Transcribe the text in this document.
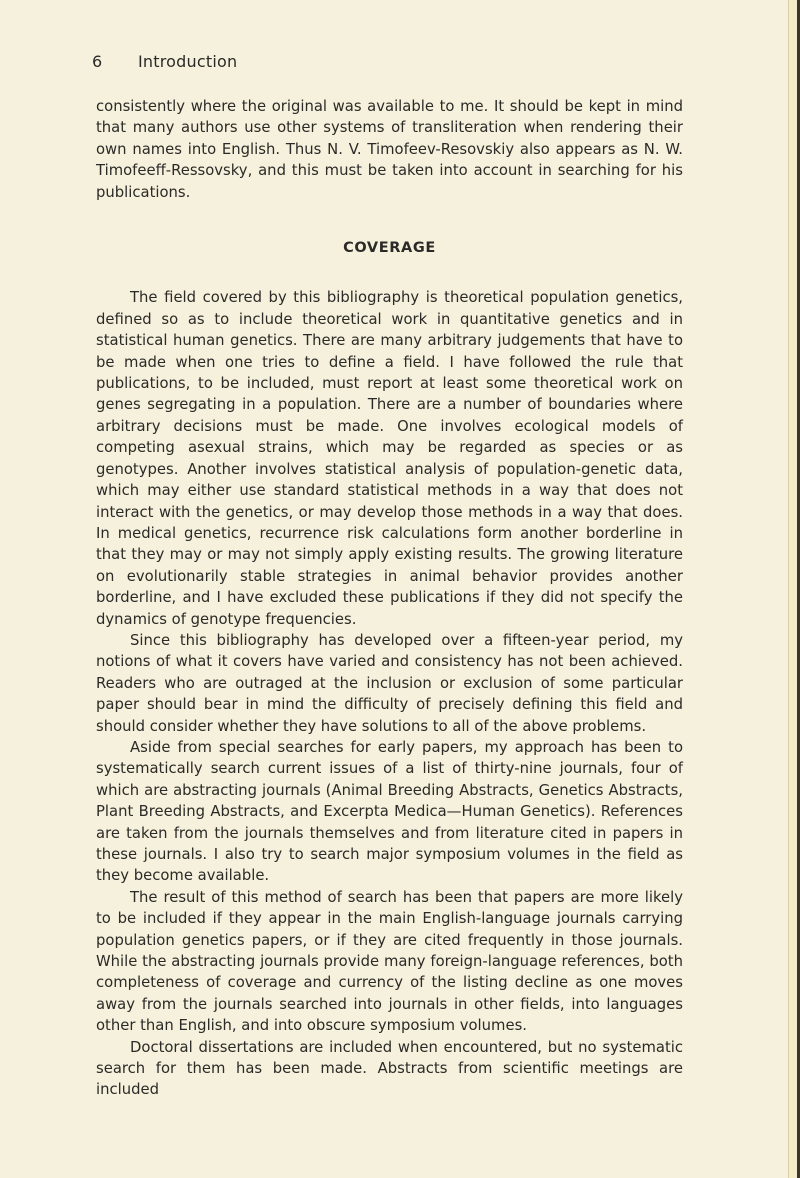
6 Introduction

consistently where the original was available to me. It should be kept in mind that many authors use other systems of transliteration when rendering their own names into English. Thus N. V. Timofeev-Resovskiy also appears as N. W. Timofeeff-Ressovsky, and this must be taken into account in searching for his publications.

COVERAGE

The field covered by this bibliography is theoretical population genetics, defined so as to include theoretical work in quantitative genetics and in statistical human genetics. There are many arbitrary judgements that have to be made when one tries to define a field. I have followed the rule that publications, to be included, must report at least some theoretical work on genes segregating in a population. There are a number of boundaries where arbitrary decisions must be made. One involves ecological models of competing asexual strains, which may be regarded as species or as genotypes. Another involves statistical analysis of population-genetic data, which may either use standard statistical methods in a way that does not interact with the genetics, or may develop those methods in a way that does. In medical genetics, recurrence risk calculations form another borderline in that they may or may not simply apply existing results. The growing literature on evolutionarily stable strategies in animal behavior provides another borderline, and I have excluded these publications if they did not specify the dynamics of genotype frequencies.

Since this bibliography has developed over a fifteen-year period, my notions of what it covers have varied and consistency has not been achieved. Readers who are outraged at the inclusion or exclusion of some particular paper should bear in mind the difficulty of precisely defining this field and should consider whether they have solutions to all of the above problems.

Aside from special searches for early papers, my approach has been to systematically search current issues of a list of thirty-nine journals, four of which are abstracting journals (Animal Breeding Abstracts, Genetics Abstracts, Plant Breeding Abstracts, and Excerpta Medica—Human Genetics). References are taken from the journals themselves and from literature cited in papers in these journals. I also try to search major symposium volumes in the field as they become available.

The result of this method of search has been that papers are more likely to be included if they appear in the main English-language journals carrying population genetics papers, or if they are cited frequently in those journals. While the abstracting journals provide many foreign-language references, both completeness of coverage and currency of the listing decline as one moves away from the journals searched into journals in other fields, into languages other than English, and into obscure symposium volumes.

Doctoral dissertations are included when encountered, but no systematic search for them has been made. Abstracts from scientific meetings are included
